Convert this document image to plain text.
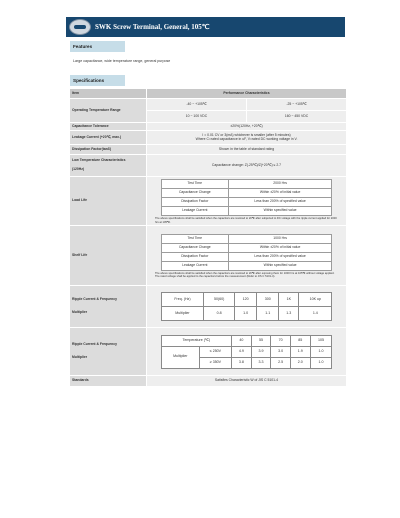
SWK Screw Terminal, General, 105℃
Features
Large capacitance, wide temperature range, general purpose
Specifications
Item	Performance Characteristics
Operating Temperature Range	-40 ~ +105℃	-25 ~ +105℃
10 ~ 100 VDC	160 ~ 450 VDC
Capacitance Tolerance	±20%(120Hz, +20℃)
Leakage Current (+20℃, max.)	I = 0.01 CV or 3(mA) whichever is smaller (after 5 minutes)
Where C=rated capacitance in uF, V=rated DC working voltage in V.

Dissipation Factor(tanδ)	Shown in the table of standard rating

Low Temperature Characteristics
(120Hz)
	Capacitance change: Z(-25℃)/Z(+20℃) ≤ 2.7
Load Life	
Test Time	2000 Hrs
Capacitance Change	Within ±20% of initial value
Dissipation Factor	Less than 200% of specified value
Leakage Current	Within specified value
The above specifications shall be satisfied when the capacitors are restored to 20℃ after subjected to DC voltage with the ripple current applied for 2000 hrs at 105℃.

Shelf Life	
Test Time	1000 Hrs
Capacitance Change	Within ±20% of initial value
Dissipation Factor	Less than 200% of specified value
Leakage Current	Within specified value
The above specifications shall be satisfied when the capacitors are restored to 20℃ after exposing them for 1000 hrs at 105℃ without voltage applied. The rated voltage shall be applied to the capacitors before the measurement (Refer to JIS C 5101-4).

Ripple Current & Frequency
Multiplier

Freq. (Hz)	50(60)	120	300	1K	10K up
Multiplier	0.8	1.0	1.1	1.3	1.4

Ripple Current & Frequency
Multiplier

Temperature (℃)	40	55	70	85	105
Multiplier	≤ 250V	4.9	3.9	3.0	1.9	1.0
≥ 350V	3.8	3.3	2.5	2.0	1.0

Standards	Satisfies Characteristic W of JIS C 5101-4
